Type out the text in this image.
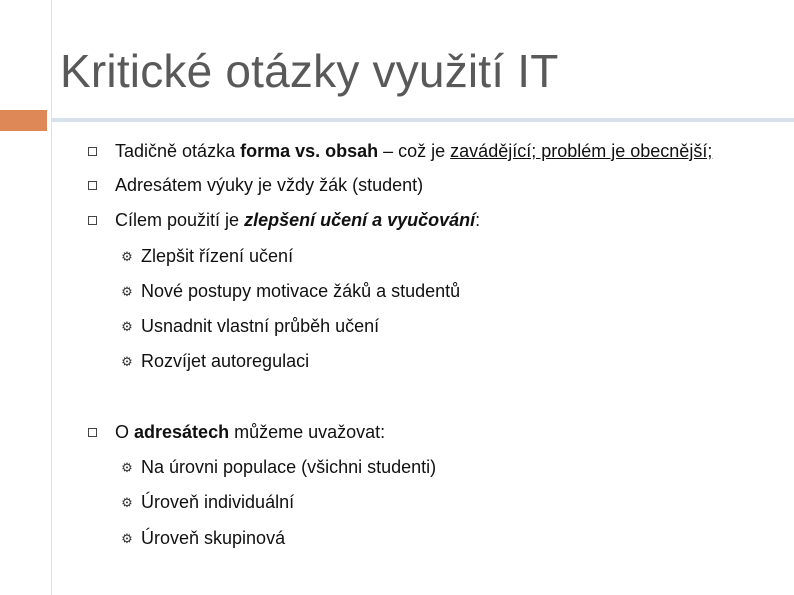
Kritické otázky využití IT
Tadičně otázka forma vs. obsah – což je zavádějící; problém je obecnější;
Adresátem výuky je vždy žák (student)
Cílem použití je zlepšení učení a vyučování:
⚙ Zlepšit řízení učení
⚙ Nové postupy motivace žáků a studentů
⚙ Usnadnit vlastní průběh učení
⚙ Rozvíjet autoregulaci
O adresátech můžeme uvažovat:
⚙ Na úrovni populace (všichni studenti)
⚙ Úroveň individuální
⚙ Úroveň skupinová
